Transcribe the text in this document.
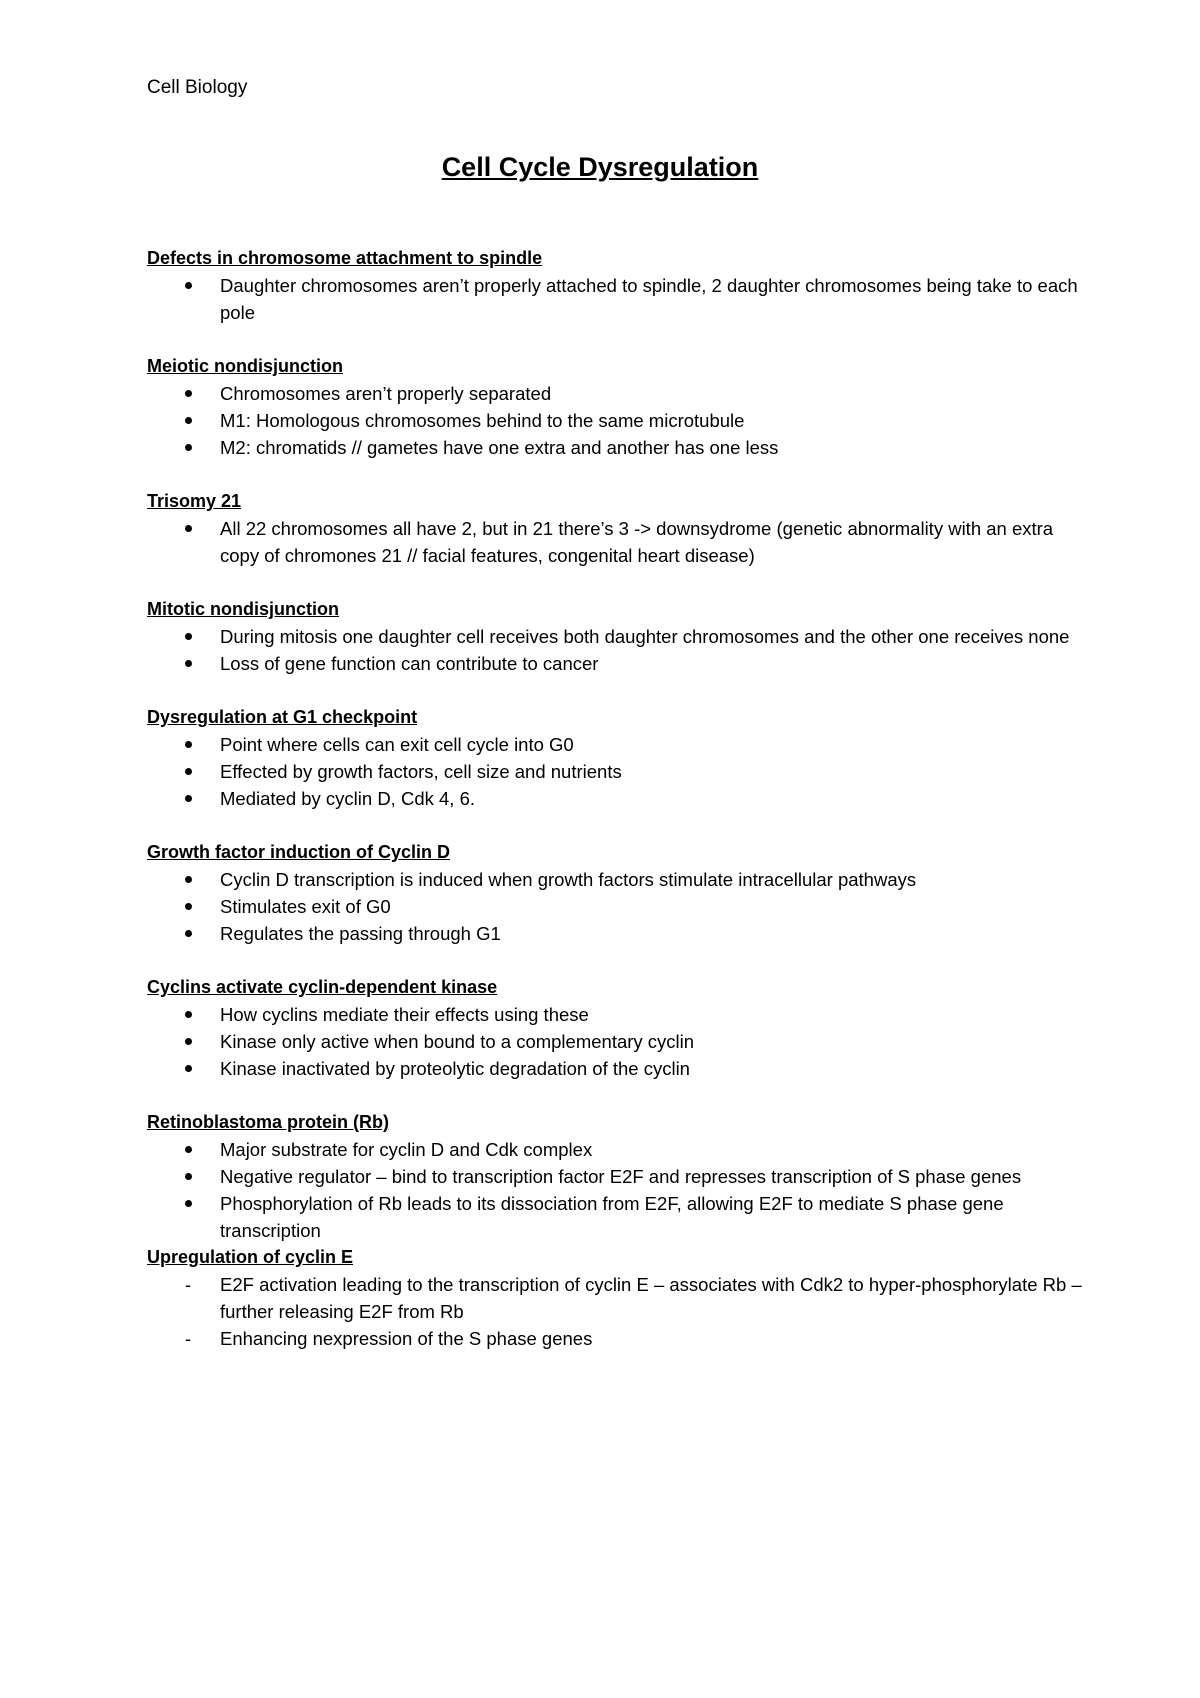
Cell Biology
Cell Cycle Dysregulation
Defects in chromosome attachment to spindle
Daughter chromosomes aren’t properly attached to spindle, 2 daughter chromosomes being take to each pole
Meiotic nondisjunction
Chromosomes aren’t properly separated
M1: Homologous chromosomes behind to the same microtubule
M2: chromatids // gametes have one extra and another has one less
Trisomy 21
All 22 chromosomes all have 2, but in 21 there’s 3 -> downsydrome (genetic abnormality with an extra copy of chromones 21 // facial features, congenital heart disease)
Mitotic nondisjunction
During mitosis one daughter cell receives both daughter chromosomes and the other one receives none
Loss of gene function can contribute to cancer
Dysregulation at G1 checkpoint
Point where cells can exit cell cycle into G0
Effected by growth factors, cell size and nutrients
Mediated by cyclin D, Cdk 4, 6.
Growth factor induction of Cyclin D
Cyclin D transcription is induced when growth factors stimulate intracellular pathways
Stimulates exit of G0
Regulates the passing through G1
Cyclins activate cyclin-dependent kinase
How cyclins mediate their effects using these
Kinase only active when bound to a complementary cyclin
Kinase inactivated by proteolytic degradation of the cyclin
Retinoblastoma protein (Rb)
Major substrate for cyclin D and Cdk complex
Negative regulator – bind to transcription factor E2F and represses transcription of S phase genes
Phosphorylation of Rb leads to its dissociation from E2F, allowing E2F to mediate S phase gene transcription
Upregulation of cyclin E
-	E2F activation leading to the transcription of cyclin E – associates with Cdk2 to hyper-phosphorylate Rb – further releasing E2F from Rb
-	Enhancing nexpression of the S phase genes
